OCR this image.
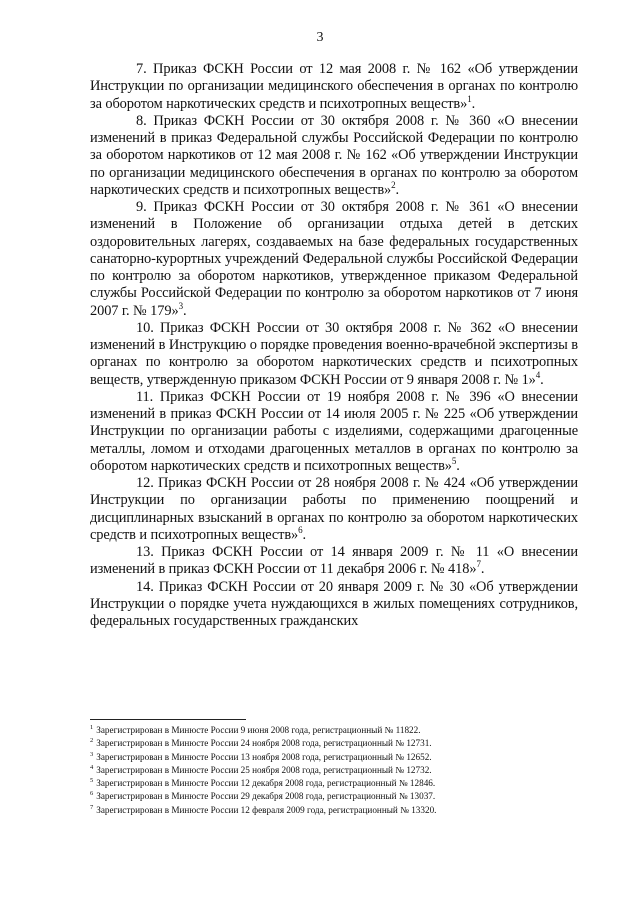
3

7. Приказ ФСКН России от 12 мая 2008 г. № 162 «Об утверждении Инструкции по организации медицинского обеспечения в органах по контролю за оборотом наркотических средств и психотропных веществ»$^1$.

8. Приказ ФСКН России от 30 октября 2008 г. № 360 «О внесении изменений в приказ Федеральной службы Российской Федерации по контролю за оборотом наркотиков от 12 мая 2008 г. № 162 «Об утверждении Инструкции по организации медицинского обеспечения в органах по контролю за оборотом наркотических средств и психотропных веществ»$^2$.

9. Приказ ФСКН России от 30 октября 2008 г. № 361 «О внесении изменений в Положение об организации отдыха детей в детских оздоровительных лагерях, создаваемых на базе федеральных государственных санаторно-курортных учреждений Федеральной службы Российской Федерации по контролю за оборотом наркотиков, утвержденное приказом Федеральной службы Российской Федерации по контролю за оборотом наркотиков от 7 июня 2007 г. № 179»$^3$.

10. Приказ ФСКН России от 30 октября 2008 г. № 362 «О внесении изменений в Инструкцию о порядке проведения военно-врачебной экспертизы в органах по контролю за оборотом наркотических средств и психотропных веществ, утвержденную приказом ФСКН России от 9 января 2008 г. № 1»$^4$.

11. Приказ ФСКН России от 19 ноября 2008 г. № 396 «О внесении изменений в приказ ФСКН России от 14 июля 2005 г. № 225 «Об утверждении Инструкции по организации работы с изделиями, содержащими драгоценные металлы, ломом и отходами драгоценных металлов в органах по контролю за оборотом наркотических средств и психотропных веществ»$^5$.

12. Приказ ФСКН России от 28 ноября 2008 г. № 424 «Об утверждении Инструкции по организации работы по применению поощрений и дисциплинарных взысканий в органах по контролю за оборотом наркотических средств и психотропных веществ»$^6$.

13. Приказ ФСКН России от 14 января 2009 г. № 11 «О внесении изменений в приказ ФСКН России от 11 декабря 2006 г. № 418»$^7$.

14. Приказ ФСКН России от 20 января 2009 г. № 30 «Об утверждении Инструкции о порядке учета нуждающихся в жилых помещениях сотрудников, федеральных государственных гражданских

$^1$ Зарегистрирован в Минюсте России 9 июня 2008 года, регистрационный № 11822.

$^2$ Зарегистрирован в Минюсте России 24 ноября 2008 года, регистрационный № 12731.

$^3$ Зарегистрирован в Минюсте России 13 ноября 2008 года, регистрационный № 12652.

$^4$ Зарегистрирован в Минюсте России 25 ноября 2008 года, регистрационный № 12732.

$^5$ Зарегистрирован в Минюсте России 12 декабря 2008 года, регистрационный № 12846.

$^6$ Зарегистрирован в Минюсте России 29 декабря 2008 года, регистрационный № 13037.

$^7$ Зарегистрирован в Минюсте России 12 февраля 2009 года, регистрационный № 13320.
